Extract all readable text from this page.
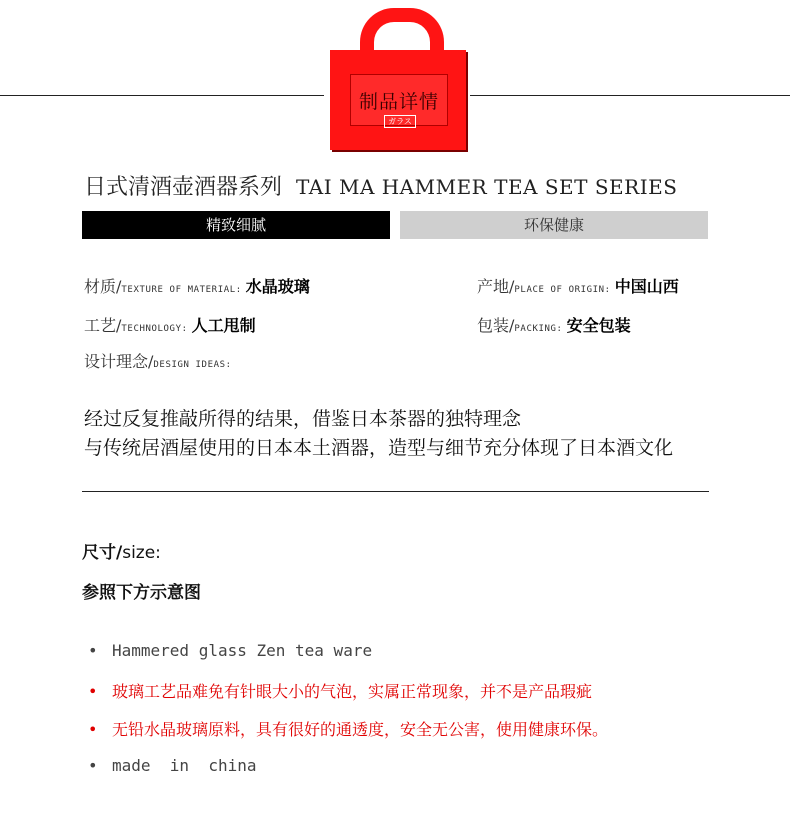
制品详情
ガラス
日式清酒壶酒器系列 TAI MA HAMMER TEA SET SERIES
精致细腻	环保健康
材质/TEXTURE OF MATERIAL: 水晶玻璃	产地/PLACE OF ORIGIN: 中国山西
工艺/TECHNOLOGY: 人工甩制	包装/PACKING: 安全包装
设计理念/DESIGN IDEAS:
经过反复推敲所得的结果，借鉴日本茶器的独特理念
与传统居酒屋使用的日本本土酒器，造型与细节充分体现了日本酒文化
尺寸/size:
参照下方示意图
• Hammered glass Zen tea ware
• 玻璃工艺品难免有针眼大小的气泡，实属正常现象，并不是产品瑕疵
• 无铅水晶玻璃原料，具有很好的通透度，安全无公害，使用健康环保。
• made  in  china
